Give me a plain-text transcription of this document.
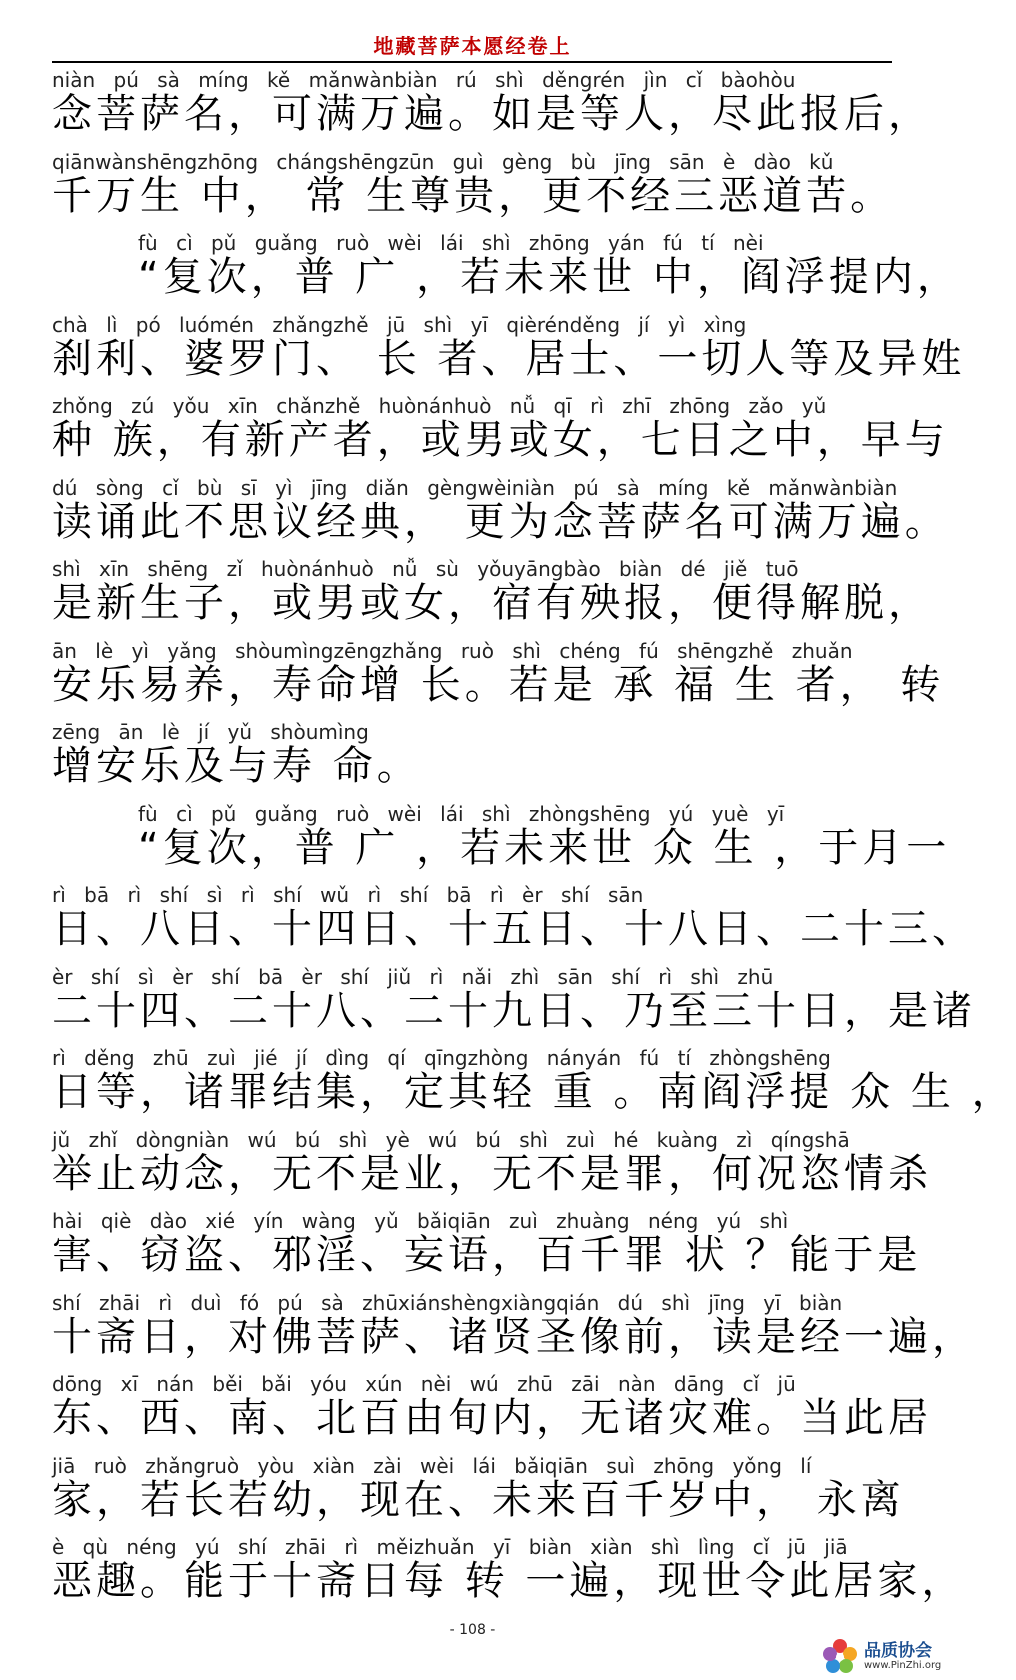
地藏菩萨本愿经卷上
niàn pú sà míng kě mǎnwànbiàn rú shì děngrén jìn cǐ bàohòu
念菩萨名，可满万遍。如是等人，尽此报后，
qiānwànshēngzhōng chángshēngzūn guì gèng bù jīng sān è dào kǔ
千万生 中， 常 生尊贵，更不经三恶道苦。
fù cì pǔ guǎng ruò wèi lái shì zhōng yán fú tí nèi
“复次，普 广 ，若未来世 中，阎浮提内，
chà lì pó luómén zhǎngzhě jū shì yī qièrénděng jí yì xìng
刹利、婆罗门、 长 者、居士、一切人等及异姓
zhǒng zú yǒu xīn chǎnzhě huònánhuò nǚ qī rì zhī zhōng zǎo yǔ
种 族，有新产者，或男或女，七日之中，早与
dú sòng cǐ bù sī yì jīng diǎn gèngwèiniàn pú sà míng kě mǎnwànbiàn
读诵此不思议经典， 更为念菩萨名可满万遍。
shì xīn shēng zǐ huònánhuò nǚ sù yǒuyāngbào biàn dé jiě tuō
是新生子，或男或女，宿有殃报，便得解脱，
ān lè yì yǎng shòumìngzēngzhǎng ruò shì chéng fú shēngzhě zhuǎn
安乐易养，寿命增 长。若是 承 福 生 者， 转
zēng ān lè jí yǔ shòumìng
增安乐及与寿 命。
fù cì pǔ guǎng ruò wèi lái shì zhòngshēng yú yuè yī
“复次，普 广 ，若未来世 众 生 ，于月一
rì bā rì shí sì rì shí wǔ rì shí bā rì èr shí sān
日、八日、十四日、十五日、十八日、二十三、
èr shí sì èr shí bā èr shí jiǔ rì nǎi zhì sān shí rì shì zhū
二十四、二十八、二十九日、乃至三十日，是诸
rì děng zhū zuì jié jí dìng qí qīngzhòng nányán fú tí zhòngshēng
日等，诸罪结集，定其轻 重 。南阎浮提 众 生 ，
jǔ zhǐ dòngniàn wú bú shì yè wú bú shì zuì hé kuàng zì qíngshā
举止动念，无不是业，无不是罪，何况恣情杀
hài qiè dào xié yín wàng yǔ bǎiqiān zuì zhuàng néng yú shì
害、窃盗、邪淫、妄语，百千罪 状 ？能于是
shí zhāi rì duì fó pú sà zhūxiánshèngxiàngqián dú shì jīng yī biàn
十斋日，对佛菩萨、诸贤圣像前，读是经一遍，
dōng xī nán běi bǎi yóu xún nèi wú zhū zāi nàn dāng cǐ jū
东、西、南、北百由旬内，无诸灾难。当此居
jiā ruò zhǎngruò yòu xiàn zài wèi lái bǎiqiān suì zhōng yǒng lí
家，若长若幼，现在、未来百千岁中， 永离
è qù néng yú shí zhāi rì měizhuǎn yī biàn xiàn shì lìng cǐ jū jiā
恶趣。能于十斋日每 转 一遍，现世令此居家，
- 108 -
品质协会
www.PinZhi.org
